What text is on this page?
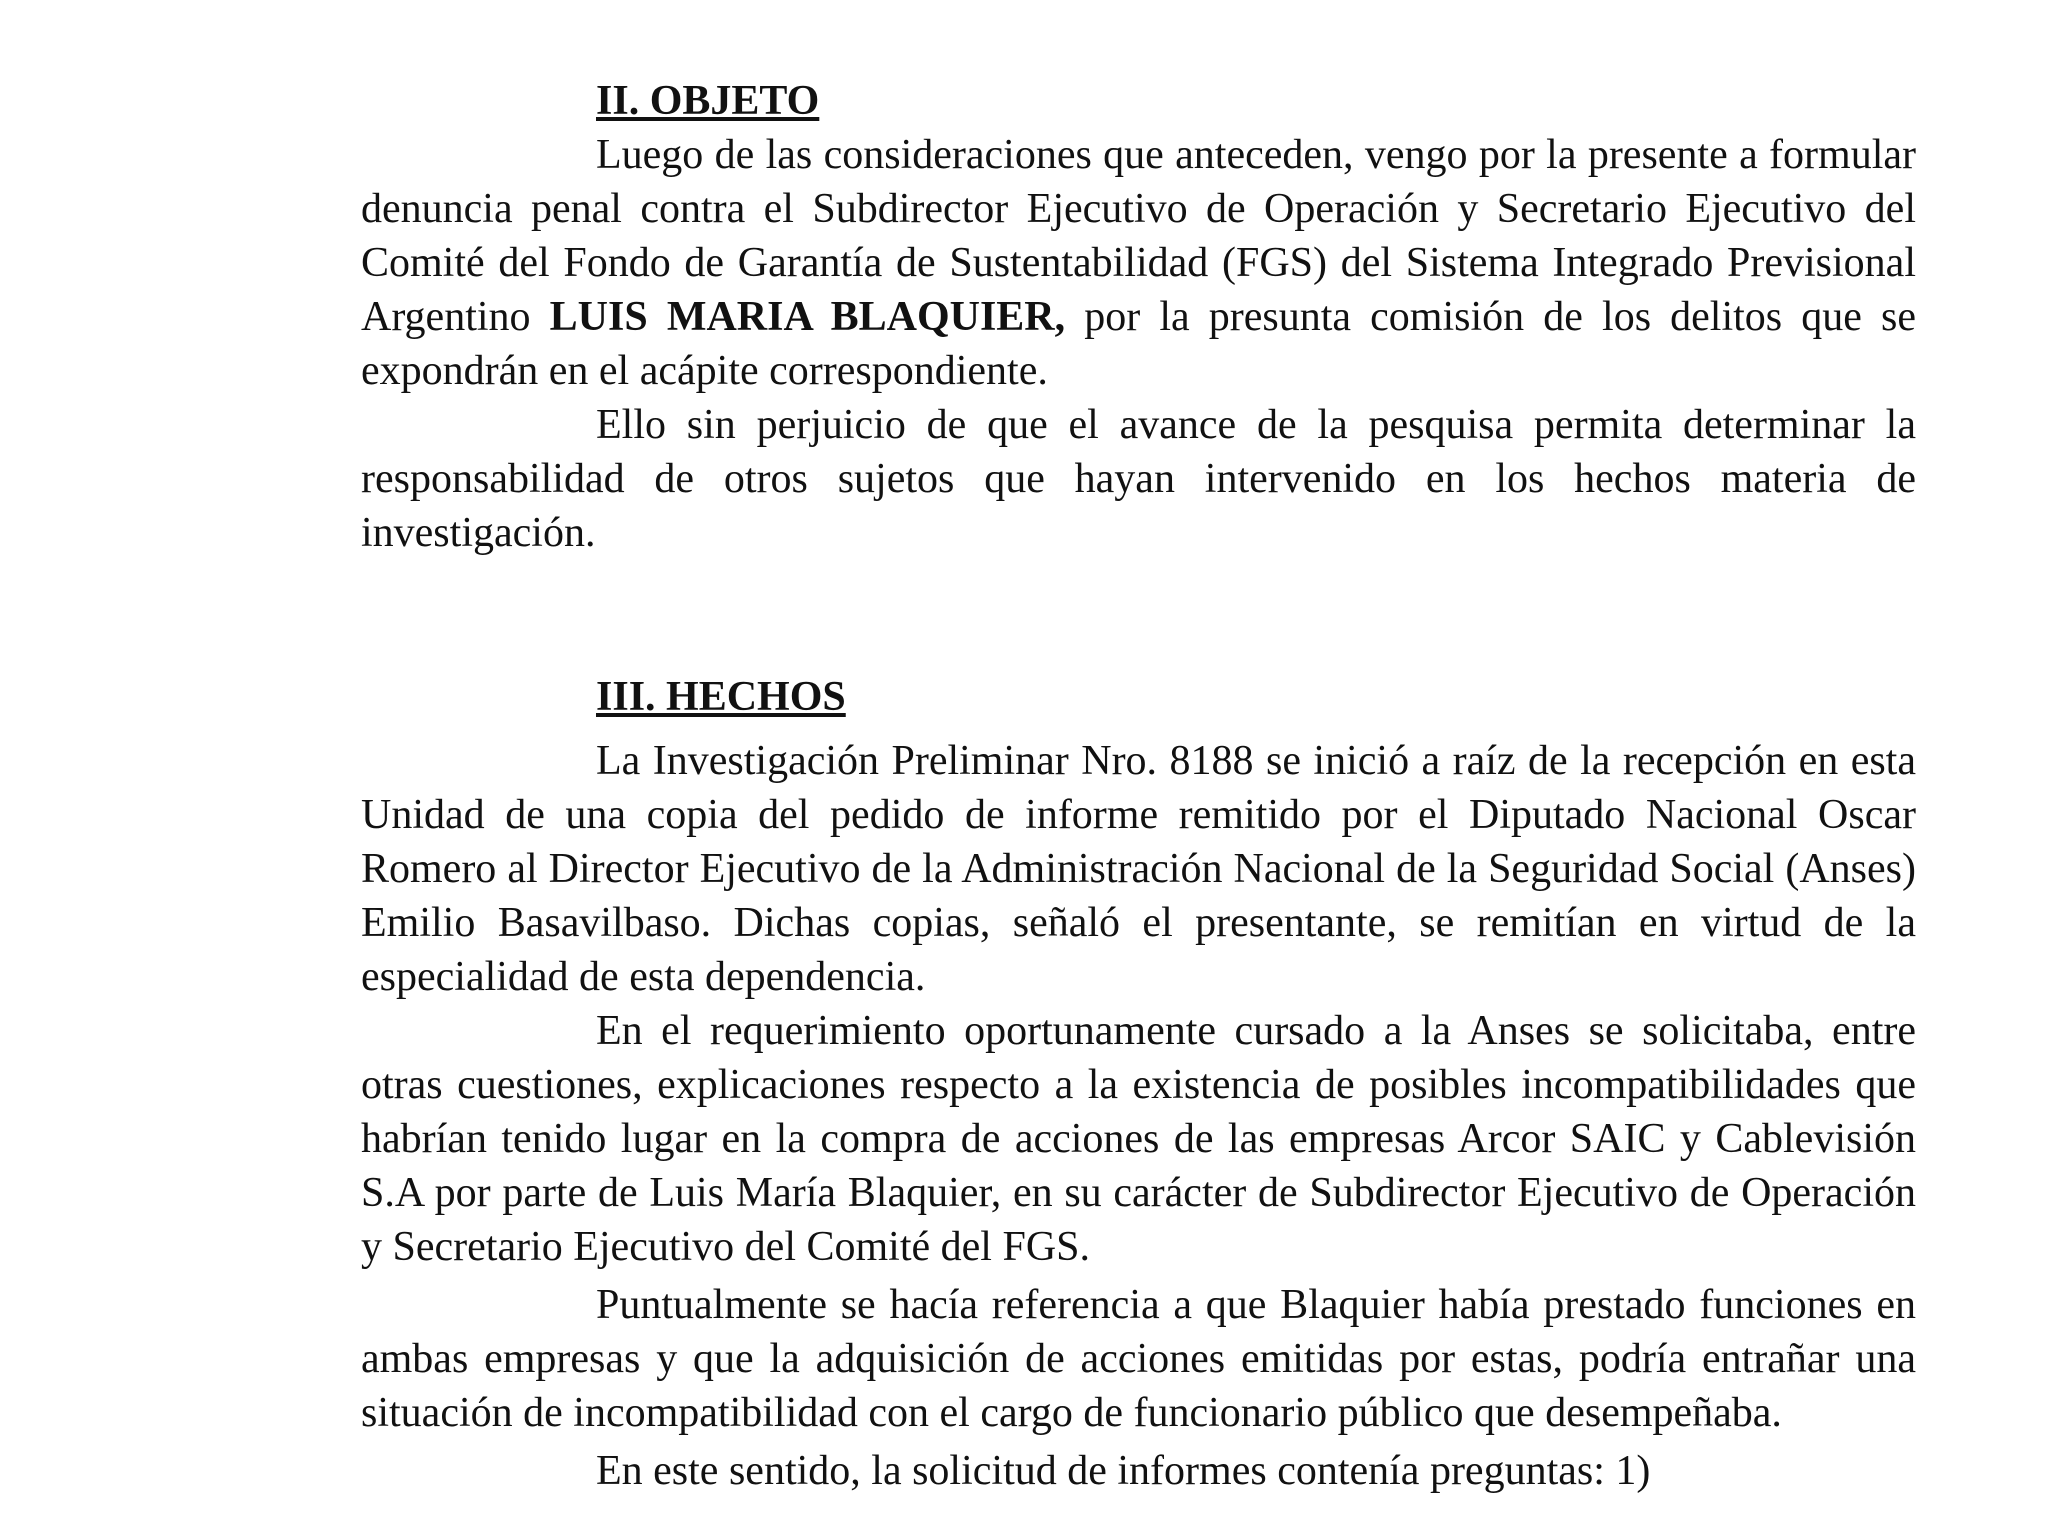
II. OBJETO

Luego de las consideraciones que anteceden, vengo por la presente a formular denuncia penal contra el Subdirector Ejecutivo de Operación y Secretario Ejecutivo del Comité del Fondo de Garantía de Sustentabilidad (FGS) del Sistema Integrado Previsional Argentino LUIS MARIA BLAQUIER, por la presunta comisión de los delitos que se expondrán en el acápite correspondiente.

Ello sin perjuicio de que el avance de la pesquisa permita determinar la responsabilidad de otros sujetos que hayan intervenido en los hechos materia de investigación.

III. HECHOS

La Investigación Preliminar Nro. 8188 se inició a raíz de la recepción en esta Unidad de una copia del pedido de informe remitido por el Diputado Nacional Oscar Romero al Director Ejecutivo de la Administración Nacional de la Seguridad Social (Anses) Emilio Basavilbaso. Dichas copias, señaló el presentante, se remitían en virtud de la especialidad de esta dependencia.

En el requerimiento oportunamente cursado a la Anses se solicitaba, entre otras cuestiones, explicaciones respecto a la existencia de posibles incompatibilidades que habrían tenido lugar en la compra de acciones de las empresas Arcor SAIC y Cablevisión S.A por parte de Luis María Blaquier, en su carácter de Subdirector Ejecutivo de Operación y Secretario Ejecutivo del Comité del FGS.

Puntualmente se hacía referencia a que Blaquier había prestado funciones en ambas empresas y que la adquisición de acciones emitidas por estas, podría entrañar una situación de incompatibilidad con el cargo de funcionario público que desempeñaba.

En este sentido, la solicitud de informes contenía preguntas: 1)
